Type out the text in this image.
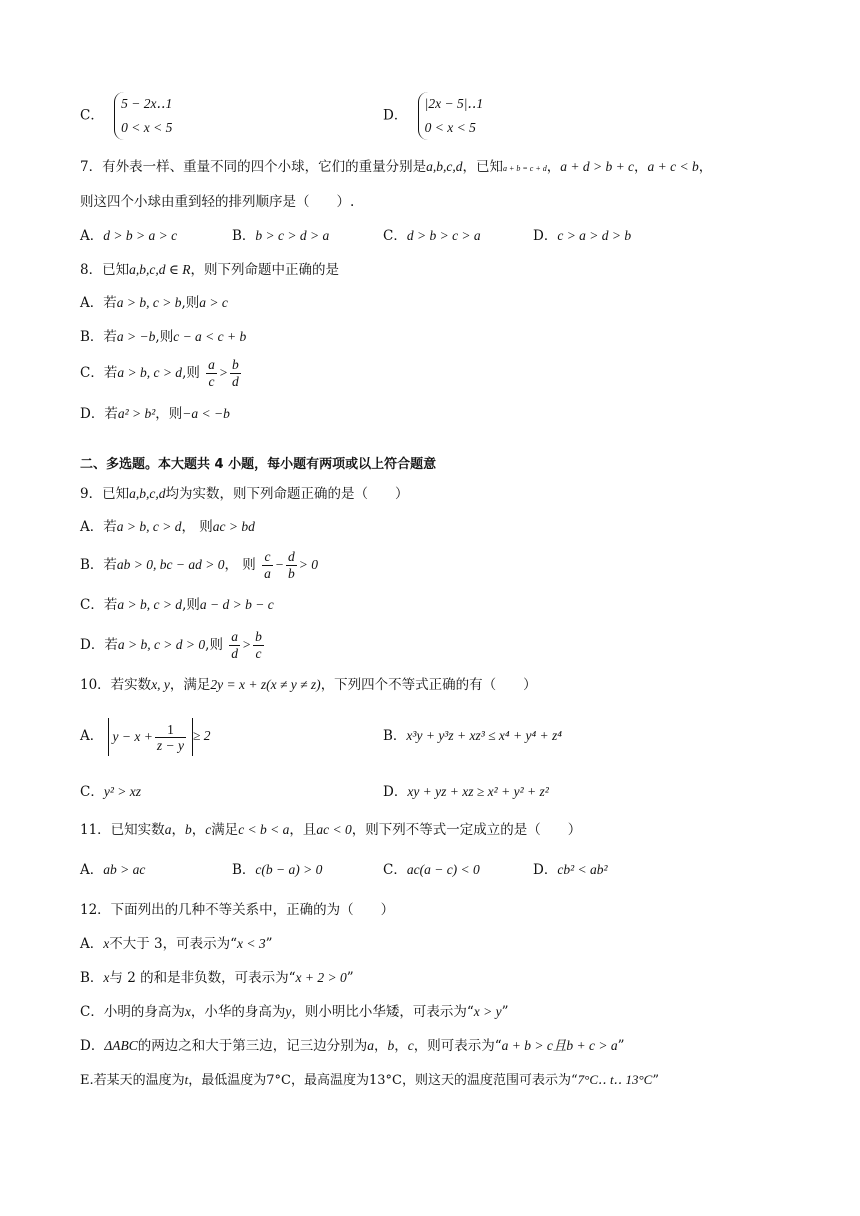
C．
5 − 2x‥1
0 < x < 5
D．
|2x − 5|‥1
0 < x < 5
7．有外表一样、重量不同的四个小球，它们的重量分别是a,b,c,d，已知a + b = c + d，a + d > b + c，a + c < b，
则这四个小球由重到轻的排列顺序是（　　）.
A．d > b > a > c	B．b > c > d > a	C．d > b > c > a	D．c > a > d > b
8．已知a,b,c,d ∈ R，则下列命题中正确的是
A．若a > b, c > b,则a > c
B．若a > −b,则c − a < c + b
C．若a > b, c > d,则 $\frac{a}{c} > \frac{b}{d}$
D．若a² > b²，则−a < −b
二、多选题。本大题共 4 小题，每小题有两项或以上符合题意
9．已知a,b,c,d均为实数，则下列命题正确的是（　　）
A．若a > b, c > d， 则ac > bd
B．若ab > 0, bc − ad > 0， 则 $\frac{c}{a} - \frac{d}{b} > 0$
C．若a > b, c > d,则a − d > b − c
D．若a > b, c > d > 0,则 $\frac{a}{d} > \frac{b}{c}$
10．若实数x, y，满足2y = x + z(x ≠ y ≠ z)，下列四个不等式正确的有（　　）
A． $y - x + \frac{1}{z - y} \ge 2$	B．x³y + y³z + xz³ ≤ x⁴ + y⁴ + z⁴
C．y² > xz	D．xy + yz + xz ≥ x² + y² + z²
11．已知实数a，b，c满足c < b < a，且ac < 0，则下列不等式一定成立的是（　　）
A．ab > ac	B．c(b − a) > 0	C．ac(a − c) < 0	D．cb² < ab²
12．下面列出的几种不等关系中，正确的为（　　）
A．x不大于 3，可表示为“x < 3”
B．x与 2 的和是非负数，可表示为“x + 2 > 0”
C．小明的身高为x，小华的身高为y，则小明比小华矮，可表示为“x > y”
D．ΔABC的两边之和大于第三边，记三边分别为a，b，c，则可表示为“a + b > c且b + c > a”
E.若某天的温度为t，最低温度为7°C，最高温度为13°C，则这天的温度范围可表示为“7°C‥ t‥ 13°C”
